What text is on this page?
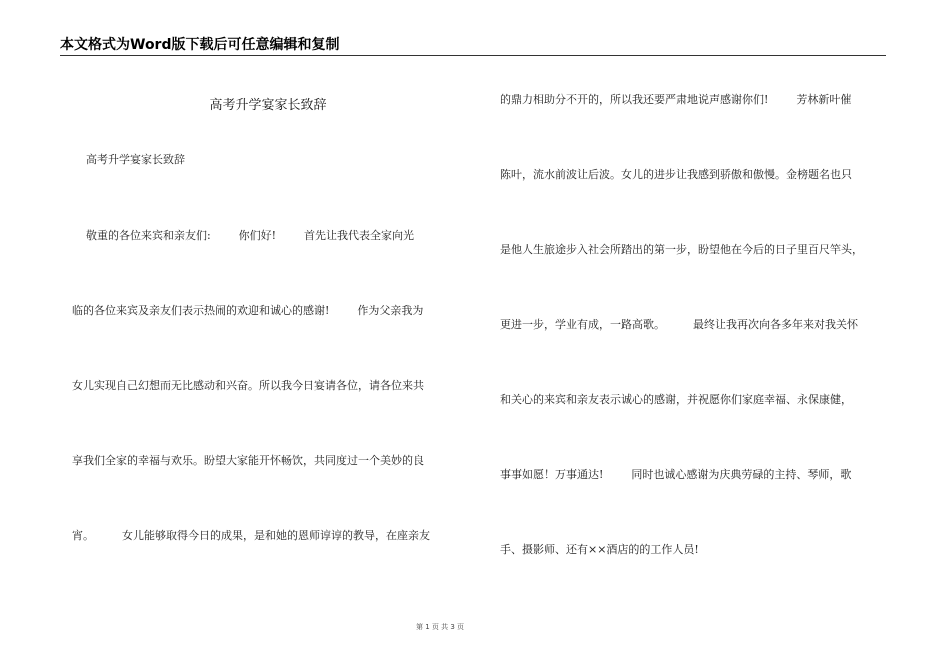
本文格式为Word版下载后可任意编辑和复制
高考升学宴家长致辞
高考升学宴家长致辞
敬重的各位来宾和亲友们:        你们好!        首先让我代表全家向光
临的各位来宾及亲友们表示热闹的欢迎和诚心的感谢!        作为父亲我为
女儿实现自己幻想而无比感动和兴奋。所以我今日宴请各位，请各位来共
享我们全家的幸福与欢乐。盼望大家能开怀畅饮，共同度过一个美妙的良
宵。        女儿能够取得今日的成果，是和她的恩师谆谆的教导，在座亲友
的鼎力相助分不开的，所以我还要严肃地说声感谢你们!        芳林新叶催
陈叶，流水前波让后波。女儿的进步让我感到骄傲和傲慢。金榜题名也只
是他人生旅途步入社会所踏出的第一步，盼望他在今后的日子里百尺竿头，
更进一步，学业有成，一路高歌。        最终让我再次向各多年来对我关怀
和关心的来宾和亲友表示诚心的感谢，并祝愿你们家庭幸福、永保康健，
事事如愿！万事通达!        同时也诚心感谢为庆典劳碌的主持、琴师，歌
手、摄影师、还有××酒店的的工作人员!
第 1 页 共 3 页
